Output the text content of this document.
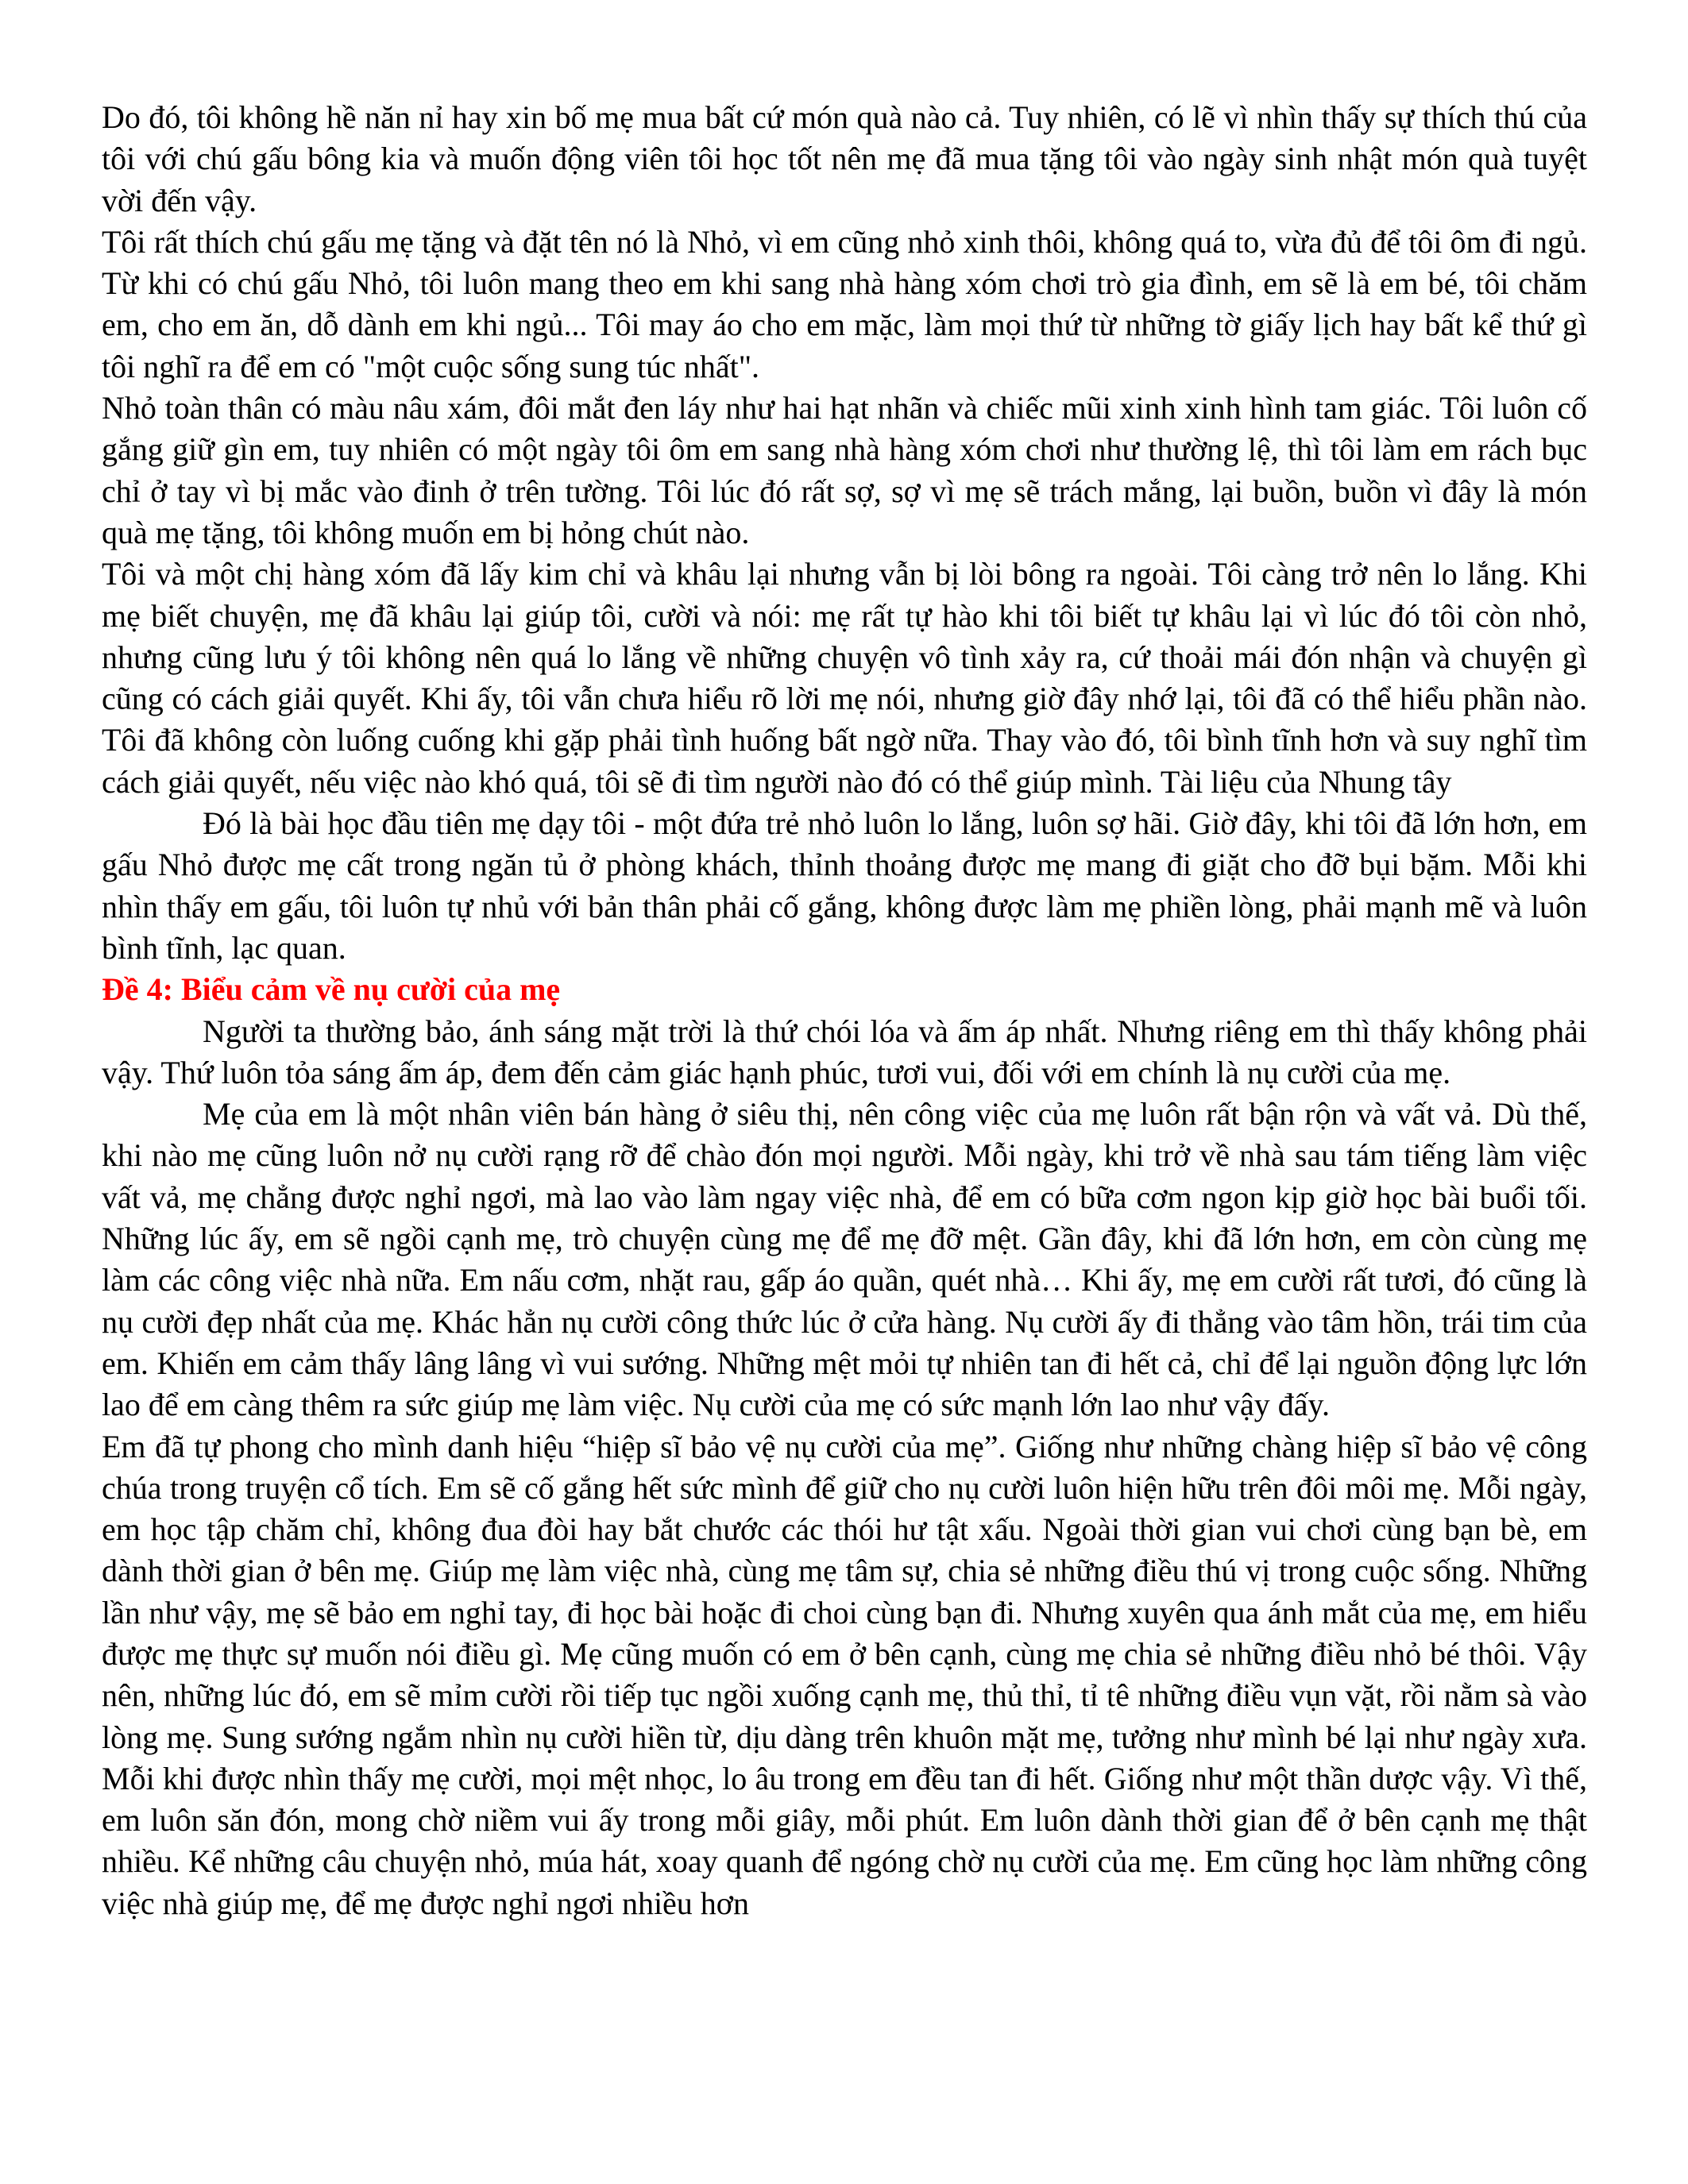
Do đó, tôi không hề năn nỉ hay xin bố mẹ mua bất cứ món quà nào cả. Tuy nhiên, có lẽ vì nhìn thấy sự thích thú của tôi với chú gấu bông kia và muốn động viên tôi học tốt nên mẹ đã mua tặng tôi vào ngày sinh nhật món quà tuyệt vời đến vậy.

Tôi rất thích chú gấu mẹ tặng và đặt tên nó là Nhỏ, vì em cũng nhỏ xinh thôi, không quá to, vừa đủ để tôi ôm đi ngủ. Từ khi có chú gấu Nhỏ, tôi luôn mang theo em khi sang nhà hàng xóm chơi trò gia đình, em sẽ là em bé, tôi chăm em, cho em ăn, dỗ dành em khi ngủ... Tôi may áo cho em mặc, làm mọi thứ từ những tờ giấy lịch hay bất kể thứ gì tôi nghĩ ra để em có "một cuộc sống sung túc nhất".

Nhỏ toàn thân có màu nâu xám, đôi mắt đen láy như hai hạt nhãn và chiếc mũi xinh xinh hình tam giác. Tôi luôn cố gắng giữ gìn em, tuy nhiên có một ngày tôi ôm em sang nhà hàng xóm chơi như thường lệ, thì tôi làm em rách bục chỉ ở tay vì bị mắc vào đinh ở trên tường. Tôi lúc đó rất sợ, sợ vì mẹ sẽ trách mắng, lại buồn, buồn vì đây là món quà mẹ tặng, tôi không muốn em bị hỏng chút nào.

Tôi và một chị hàng xóm đã lấy kim chỉ và khâu lại nhưng vẫn bị lòi bông ra ngoài. Tôi càng trở nên lo lắng. Khi mẹ biết chuyện, mẹ đã khâu lại giúp tôi, cười và nói: mẹ rất tự hào khi tôi biết tự khâu lại vì lúc đó tôi còn nhỏ, nhưng cũng lưu ý tôi không nên quá lo lắng về những chuyện vô tình xảy ra, cứ thoải mái đón nhận và chuyện gì cũng có cách giải quyết. Khi ấy, tôi vẫn chưa hiểu rõ lời mẹ nói, nhưng giờ đây nhớ lại, tôi đã có thể hiểu phần nào. Tôi đã không còn luống cuống khi gặp phải tình huống bất ngờ nữa. Thay vào đó, tôi bình tĩnh hơn và suy nghĩ tìm cách giải quyết, nếu việc nào khó quá, tôi sẽ đi tìm người nào đó có thể giúp mình. Tài liệu của Nhung tây

Đó là bài học đầu tiên mẹ dạy tôi - một đứa trẻ nhỏ luôn lo lắng, luôn sợ hãi. Giờ đây, khi tôi đã lớn hơn, em gấu Nhỏ được mẹ cất trong ngăn tủ ở phòng khách, thỉnh thoảng được mẹ mang đi giặt cho đỡ bụi bặm. Mỗi khi nhìn thấy em gấu, tôi luôn tự nhủ với bản thân phải cố gắng, không được làm mẹ phiền lòng, phải mạnh mẽ và luôn bình tĩnh, lạc quan.

Đề 4: Biểu cảm về nụ cười của mẹ

Người ta thường bảo, ánh sáng mặt trời là thứ chói lóa và ấm áp nhất. Nhưng riêng em thì thấy không phải vậy. Thứ luôn tỏa sáng ấm áp, đem đến cảm giác hạnh phúc, tươi vui, đối với em chính là nụ cười của mẹ.

Mẹ của em là một nhân viên bán hàng ở siêu thị, nên công việc của mẹ luôn rất bận rộn và vất vả. Dù thế, khi nào mẹ cũng luôn nở nụ cười rạng rỡ để chào đón mọi người. Mỗi ngày, khi trở về nhà sau tám tiếng làm việc vất vả, mẹ chẳng được nghỉ ngơi, mà lao vào làm ngay việc nhà, để em có bữa cơm ngon kịp giờ học bài buổi tối. Những lúc ấy, em sẽ ngồi cạnh mẹ, trò chuyện cùng mẹ để mẹ đỡ mệt. Gần đây, khi đã lớn hơn, em còn cùng mẹ làm các công việc nhà nữa. Em nấu cơm, nhặt rau, gấp áo quần, quét nhà… Khi ấy, mẹ em cười rất tươi, đó cũng là nụ cười đẹp nhất của mẹ. Khác hẳn nụ cười công thức lúc ở cửa hàng. Nụ cười ấy đi thẳng vào tâm hồn, trái tim của em. Khiến em cảm thấy lâng lâng vì vui sướng. Những mệt mỏi tự nhiên tan đi hết cả, chỉ để lại nguồn động lực lớn lao để em càng thêm ra sức giúp mẹ làm việc. Nụ cười của mẹ có sức mạnh lớn lao như vậy đấy.

Em đã tự phong cho mình danh hiệu “hiệp sĩ bảo vệ nụ cười của mẹ”. Giống như những chàng hiệp sĩ bảo vệ công chúa trong truyện cổ tích. Em sẽ cố gắng hết sức mình để giữ cho nụ cười luôn hiện hữu trên đôi môi mẹ. Mỗi ngày, em học tập chăm chỉ, không đua đòi hay bắt chước các thói hư tật xấu. Ngoài thời gian vui chơi cùng bạn bè, em dành thời gian ở bên mẹ. Giúp mẹ làm việc nhà, cùng mẹ tâm sự, chia sẻ những điều thú vị trong cuộc sống. Những lần như vậy, mẹ sẽ bảo em nghỉ tay, đi học bài hoặc đi choi cùng bạn đi. Nhưng xuyên qua ánh mắt của mẹ, em hiểu được mẹ thực sự muốn nói điều gì. Mẹ cũng muốn có em ở bên cạnh, cùng mẹ chia sẻ những điều nhỏ bé thôi. Vậy nên, những lúc đó, em sẽ mỉm cười rồi tiếp tục ngồi xuống cạnh mẹ, thủ thỉ, tỉ tê những điều vụn vặt, rồi nằm sà vào lòng mẹ. Sung sướng ngắm nhìn nụ cười hiền từ, dịu dàng trên khuôn mặt mẹ, tưởng như mình bé lại như ngày xưa. Mỗi khi được nhìn thấy mẹ cười, mọi mệt nhọc, lo âu trong em đều tan đi hết. Giống như một thần dược vậy. Vì thế, em luôn săn đón, mong chờ niềm vui ấy trong mỗi giây, mỗi phút. Em luôn dành thời gian để ở bên cạnh mẹ thật nhiều. Kể những câu chuyện nhỏ, múa hát, xoay quanh để ngóng chờ nụ cười của mẹ. Em cũng học làm những công việc nhà giúp mẹ, để mẹ được nghỉ ngơi nhiều hơn
